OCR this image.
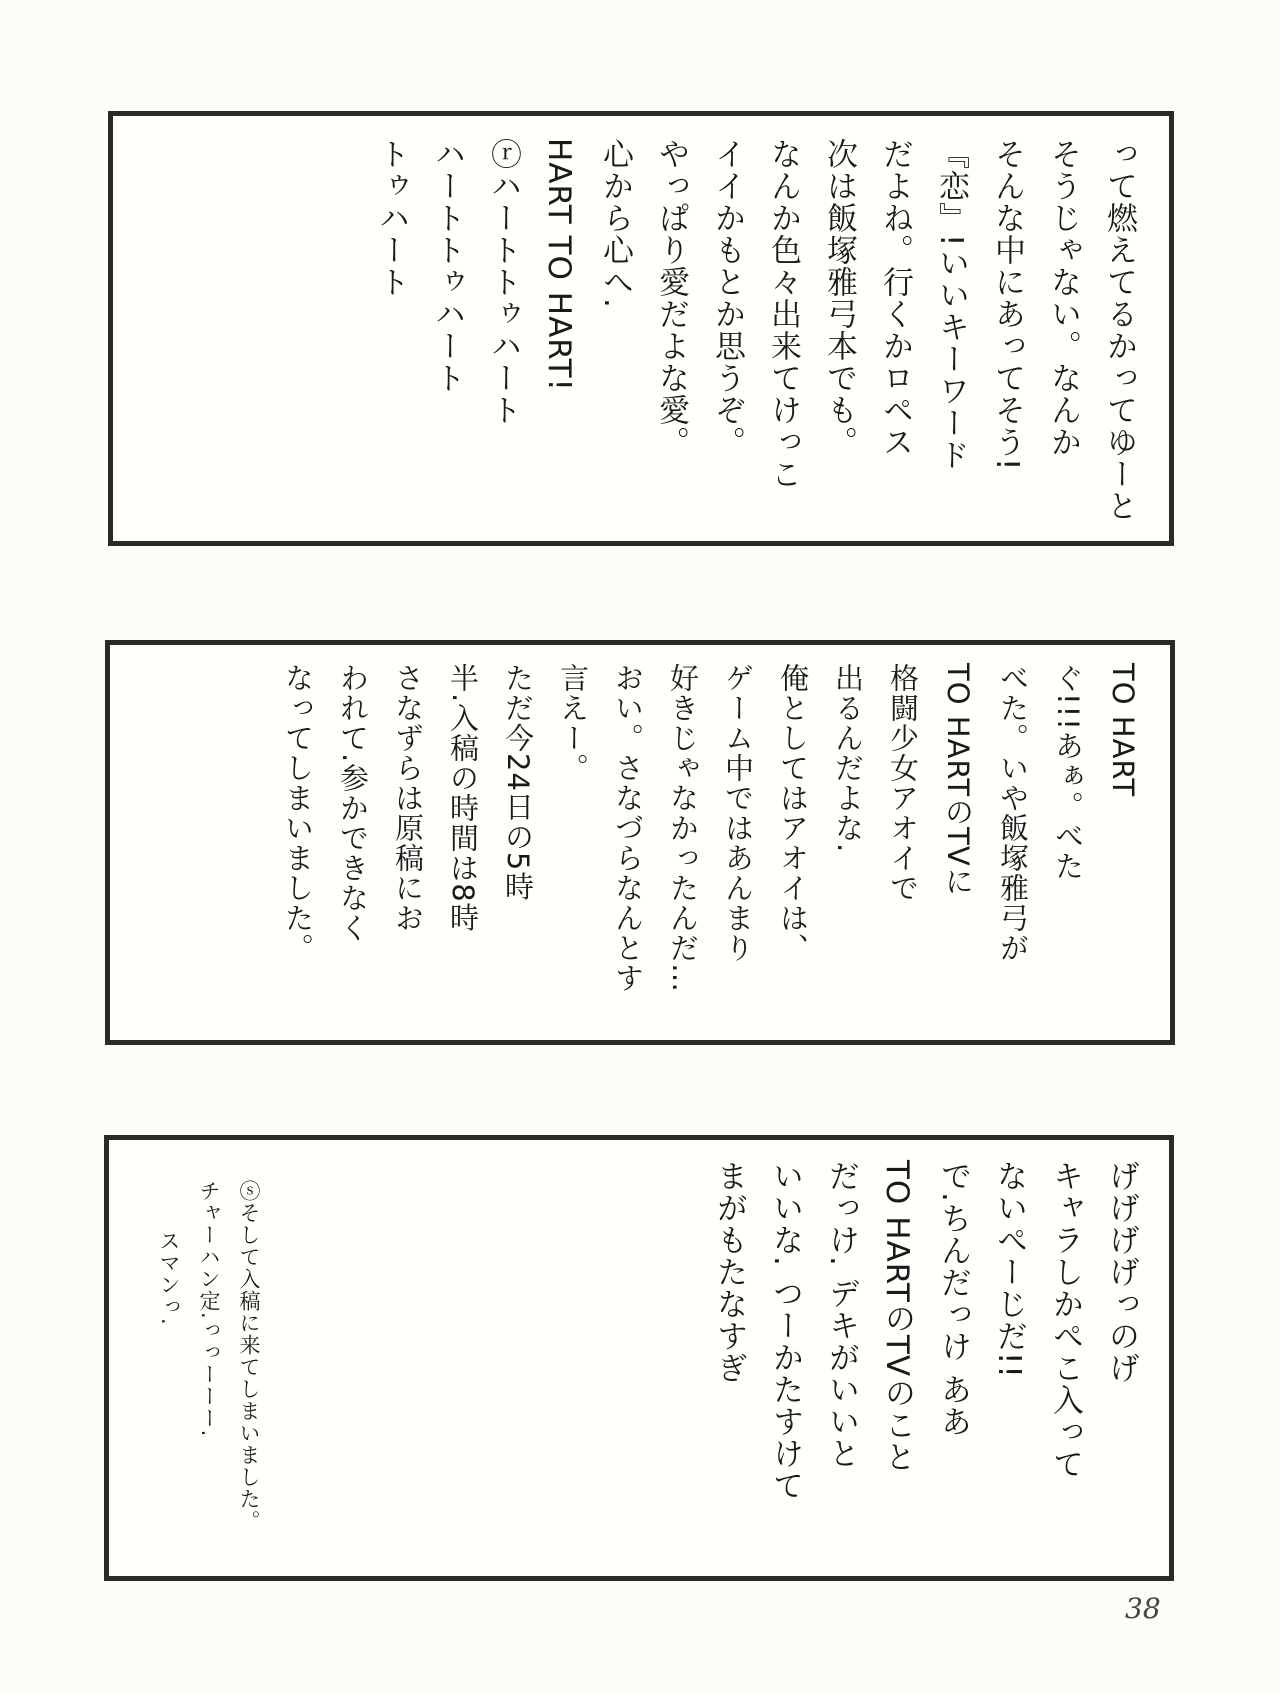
って燃えてるかってゆーと
そうじゃない。なんか
そんな中にあってそう!
『恋』!いいキーワード
だよね。行くかロペス
次は飯塚雅弓本でも。
なんか色々出来てけっこ
イイかもとか思うぞ。
やっぱり愛だよな愛。
心から心へ.
HART TO HART!
ⓡハートトゥハート
ハートトゥハート
トゥハート
TO HART
ぐ!!!あぁ。べた
べた。いや飯塚雅弓が
TO HARTのTVに
格闘少女アオイで
出るんだよな.
俺としてはアオイは、
ゲーム中ではあんまり
好きじゃなかったんだ…
おい。さなづらなんとす
言えー。
ただ今24日の5時
半.入稿の時間は8時
さなずらは原稿にお
われて.参かできなく
なってしまいました。
げげげげっのげ
キャラしかぺこ入って
ないぺーじだ!!
で.ちんだっけ ああ
TO HARTのTVのこと
だっけ. デキがいいと
いいな. つーかたすけて
まがもたなすぎ
ⓢそして入稿に来てしまいました。
チャーハン定.っっーーー.
スマンっ.
38
